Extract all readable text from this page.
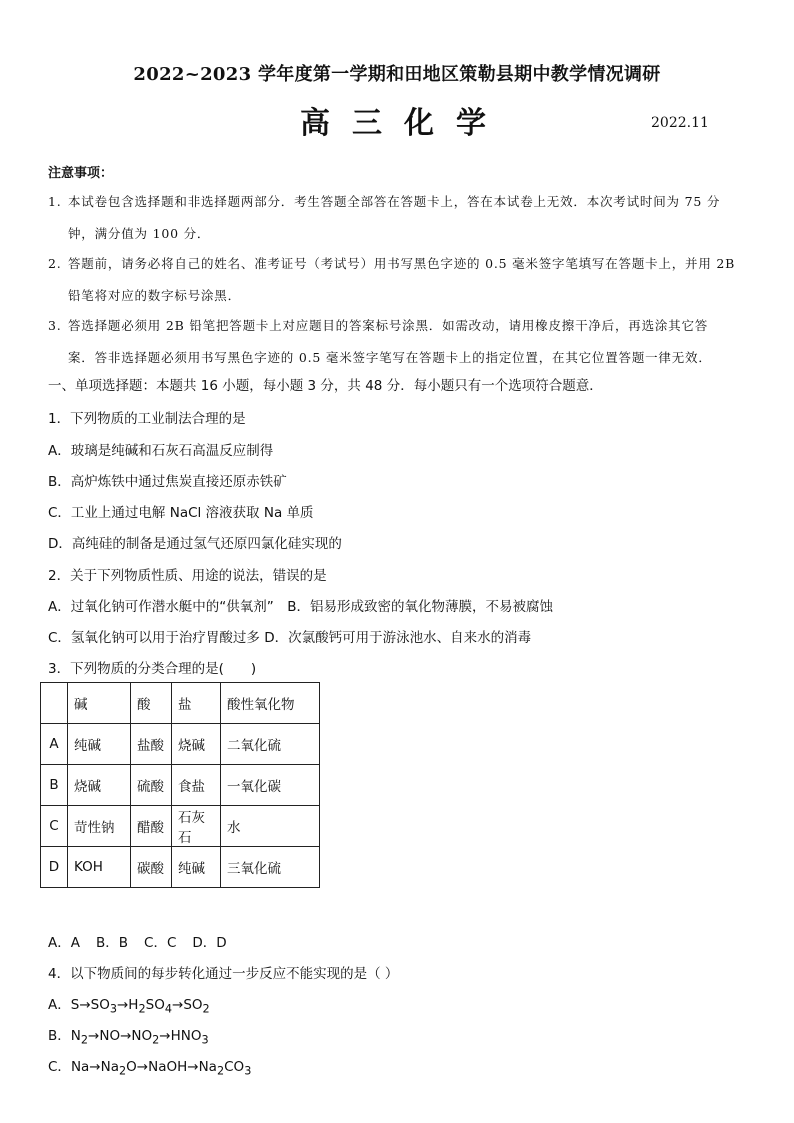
2022~2023 学年度第一学期和田地区策勒县期中教学情况调研
高三化学	2022.11
注意事项：
1. 本试卷包含选择题和非选择题两部分．考生答题全部答在答题卡上，答在本试卷上无效．本次考试时间为 75 分
钟，满分值为 100 分．
2. 答题前，请务必将自己的姓名、准考证号（考试号）用书写黑色字迹的 0.5 毫米签字笔填写在答题卡上，并用 2B
铅笔将对应的数字标号涂黑．
3. 答选择题必须用 2B 铅笔把答题卡上对应题目的答案标号涂黑．如需改动，请用橡皮擦干净后，再选涂其它答
案．答非选择题必须用书写黑色字迹的 0.5 毫米签字笔写在答题卡上的指定位置，在其它位置答题一律无效．
一、单项选择题：本题共 16 小题，每小题 3 分，共 48 分．每小题只有一个选项符合题意．
1．下列物质的工业制法合理的是
A．玻璃是纯碱和石灰石高温反应制得
B．高炉炼铁中通过焦炭直接还原赤铁矿
C．工业上通过电解 NaCl 溶液获取 Na 单质
D．高纯硅的制备是通过氢气还原四氯化硅实现的
2．关于下列物质性质、用途的说法，错误的是
A．过氧化钠可作潜水艇中的“供氧剂”　B．铝易形成致密的氧化物薄膜，不易被腐蚀
C．氢氧化钠可以用于治疗胃酸过多 D．次氯酸钙可用于游泳池水、自来水的消毒
3．下列物质的分类合理的是(　　)
	碱	酸	盐	酸性氧化物
A	纯碱	盐酸	烧碱	二氧化硫
B	烧碱	硫酸	食盐	一氧化碳
C	苛性钠	醋酸	石灰石	水
D	KOH	碳酸	纯碱	三氧化硫
A．A B．B C．C D．D
4．以下物质间的每步转化通过一步反应不能实现的是（ ）
A．$S\to SO_3\to H_2SO_4\to SO_2$
B．$N_2\to NO\to NO_2\to HNO_3$
C．$Na\to Na_2O\to NaOH\to Na_2CO_3$
